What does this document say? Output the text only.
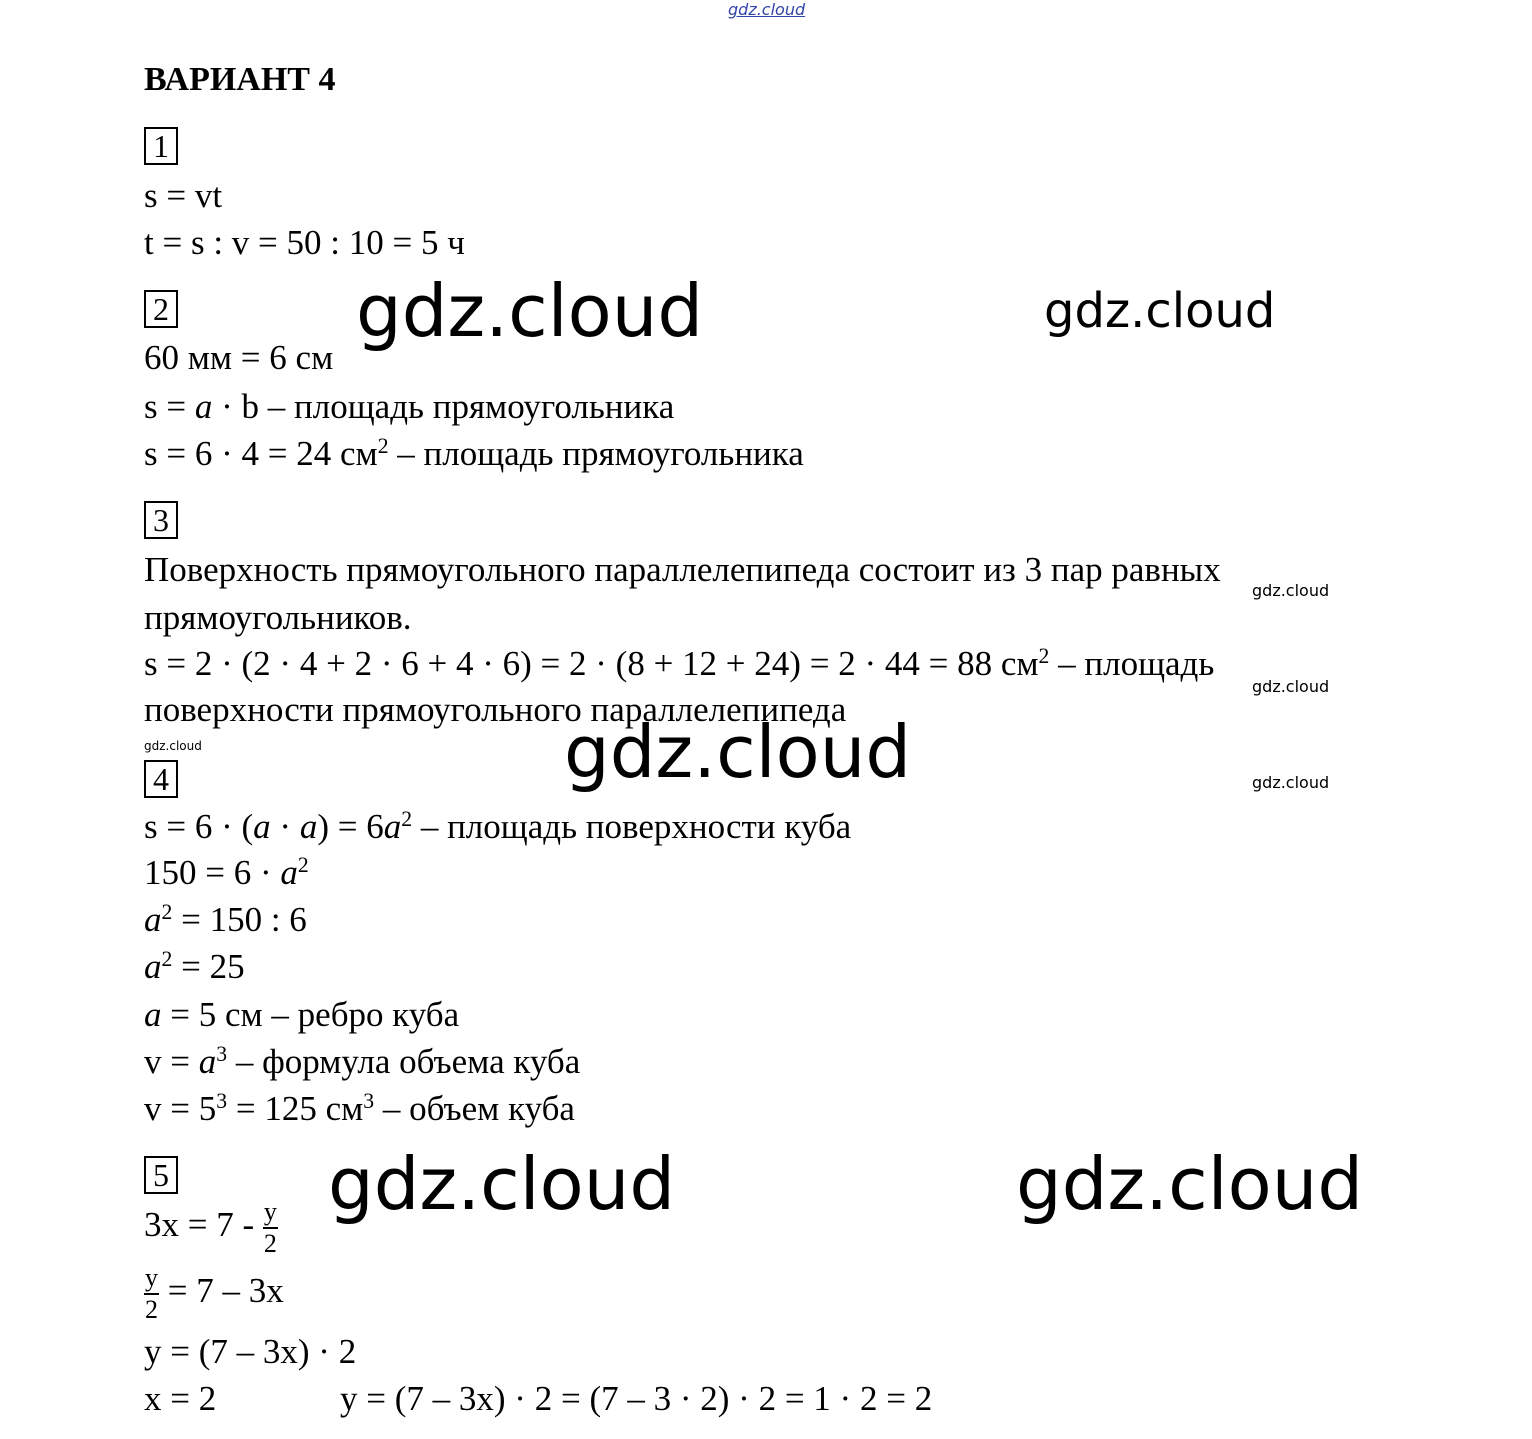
gdz.cloud
ВАРИАНТ 4
1
s = vt
t = s : v = 50 : 10 = 5 ч
2
60 мм = 6 см
s = a · b – площадь прямоугольника
s = 6 · 4 = 24 $см^2$ – площадь прямоугольника
3
Поверхность прямоугольного параллелепипеда состоит из 3 пар равных
прямоугольников.
s = 2 · (2 · 4 + 2 · 6 + 4 · 6) = 2 · (8 + 12 + 24) = 2 · 44 = 88 $см^2$ – площадь
поверхности прямоугольного параллелепипеда
4
$s = 6 \cdot (a \cdot a) = 6a^2$ – площадь поверхности куба
$150 = 6 \cdot a^2$
$a^2 = 150$ : 6
$a^2 = 25$
a = 5 см – ребро куба
$v = a^3$ – формула объема куба
$v = 5^3 = 125$ $см^3$ – объем куба
5
$3x = 7 - \frac{y}{2}$
$\frac{y}{2} = 7 - 3x$
y = (7 – 3x) · 2
x = 2	y = (7 – 3x) · 2 = (7 – 3 · 2) · 2 = 1 · 2 = 2
gdz.cloud	gdz.cloud
gdz.cloud
gdz.cloud
gdz.cloud	gdz.cloud	gdz.cloud
gdz.cloud	gdz.cloud
